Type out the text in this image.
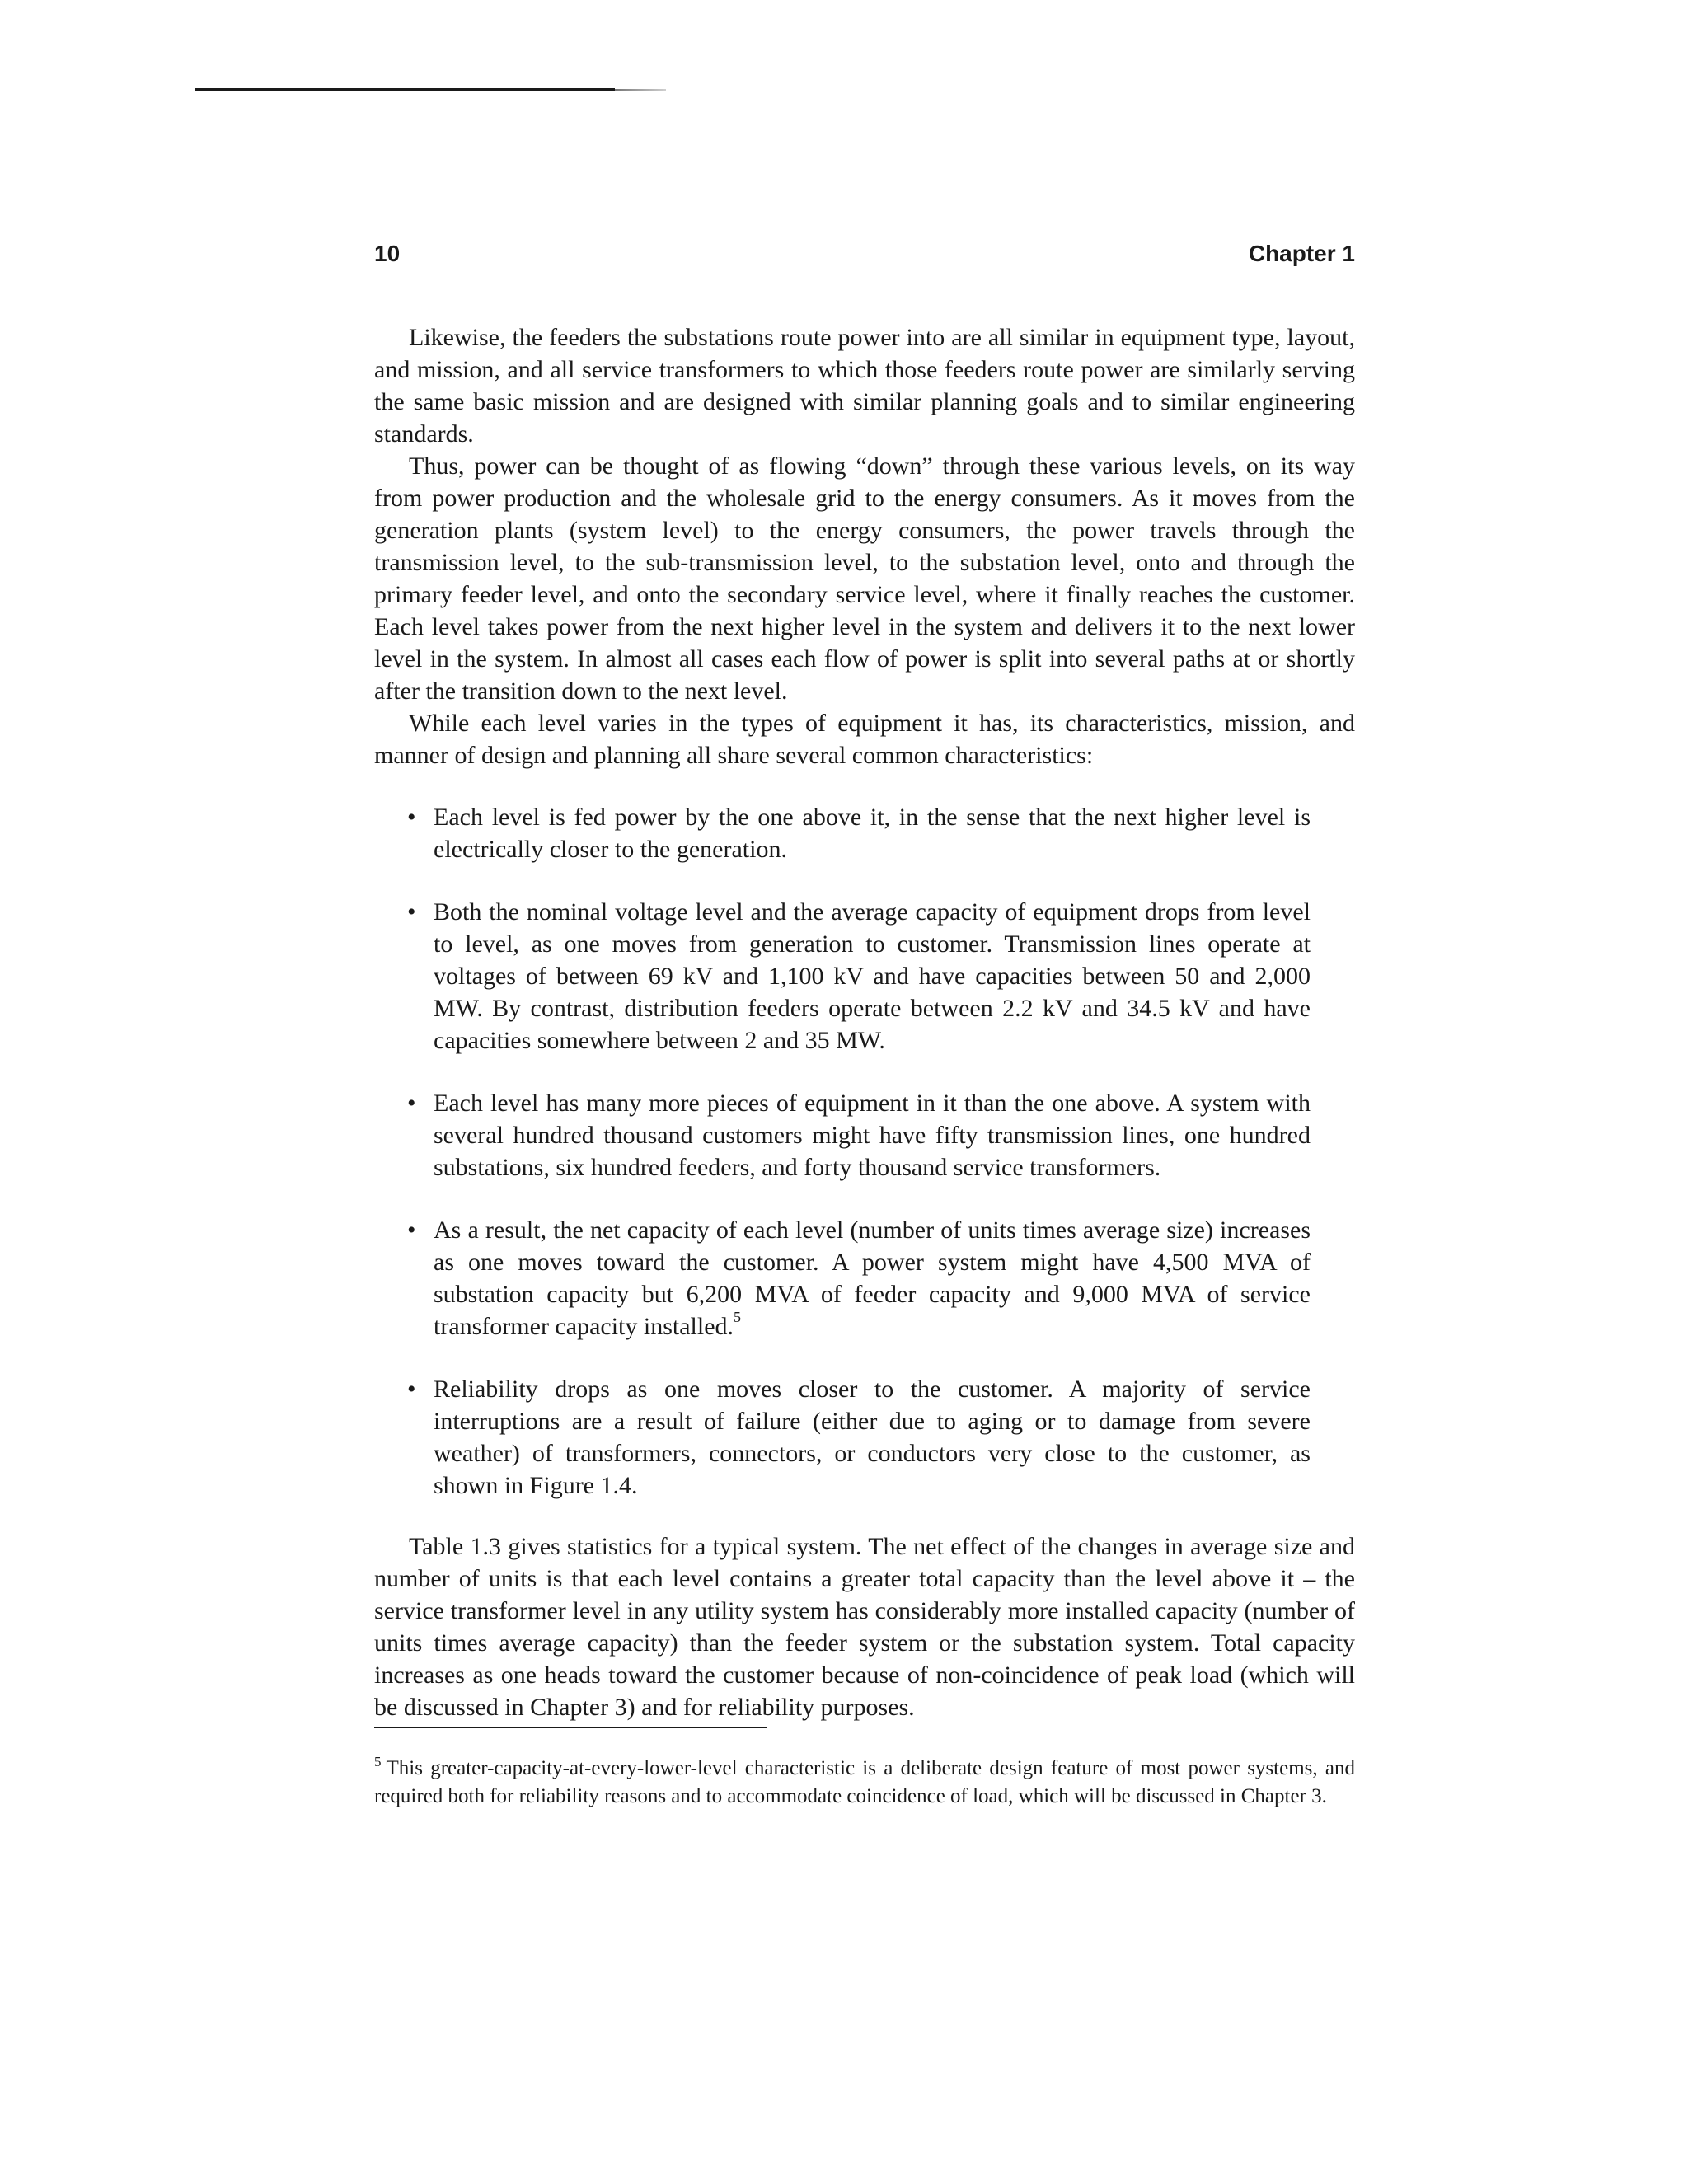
10	Chapter 1

Likewise, the feeders the substations route power into are all similar in equipment type, layout, and mission, and all service transformers to which those feeders route power are similarly serving the same basic mission and are designed with similar planning goals and to similar engineering standards.

Thus, power can be thought of as flowing “down” through these various levels, on its way from power production and the wholesale grid to the energy consumers. As it moves from the generation plants (system level) to the energy consumers, the power travels through the transmission level, to the sub-transmission level, to the substation level, onto and through the primary feeder level, and onto the secondary service level, where it finally reaches the customer. Each level takes power from the next higher level in the system and delivers it to the next lower level in the system. In almost all cases each flow of power is split into several paths at or shortly after the transition down to the next level.

While each level varies in the types of equipment it has, its characteristics, mission, and manner of design and planning all share several common characteristics:

• Each level is fed power by the one above it, in the sense that the next higher level is electrically closer to the generation.
• Both the nominal voltage level and the average capacity of equipment drops from level to level, as one moves from generation to customer. Transmission lines operate at voltages of between 69 kV and 1,100 kV and have capacities between 50 and 2,000 MW. By contrast, distribution feeders operate between 2.2 kV and 34.5 kV and have capacities somewhere between 2 and 35 MW.
• Each level has many more pieces of equipment in it than the one above. A system with several hundred thousand customers might have fifty transmission lines, one hundred substations, six hundred feeders, and forty thousand service transformers.
• As a result, the net capacity of each level (number of units times average size) increases as one moves toward the customer. A power system might have 4,500 MVA of substation capacity but 6,200 MVA of feeder capacity and 9,000 MVA of service transformer capacity installed.$^5$
• Reliability drops as one moves closer to the customer. A majority of service interruptions are a result of failure (either due to aging or to damage from severe weather) of transformers, connectors, or conductors very close to the customer, as shown in Figure 1.4.

Table 1.3 gives statistics for a typical system. The net effect of the changes in average size and number of units is that each level contains a greater total capacity than the level above it – the service transformer level in any utility system has considerably more installed capacity (number of units times average capacity) than the feeder system or the substation system. Total capacity increases as one heads toward the customer because of non-coincidence of peak load (which will be discussed in Chapter 3) and for reliability purposes.

$^5$ This greater-capacity-at-every-lower-level characteristic is a deliberate design feature of most power systems, and required both for reliability reasons and to accommodate coincidence of load, which will be discussed in Chapter 3.
